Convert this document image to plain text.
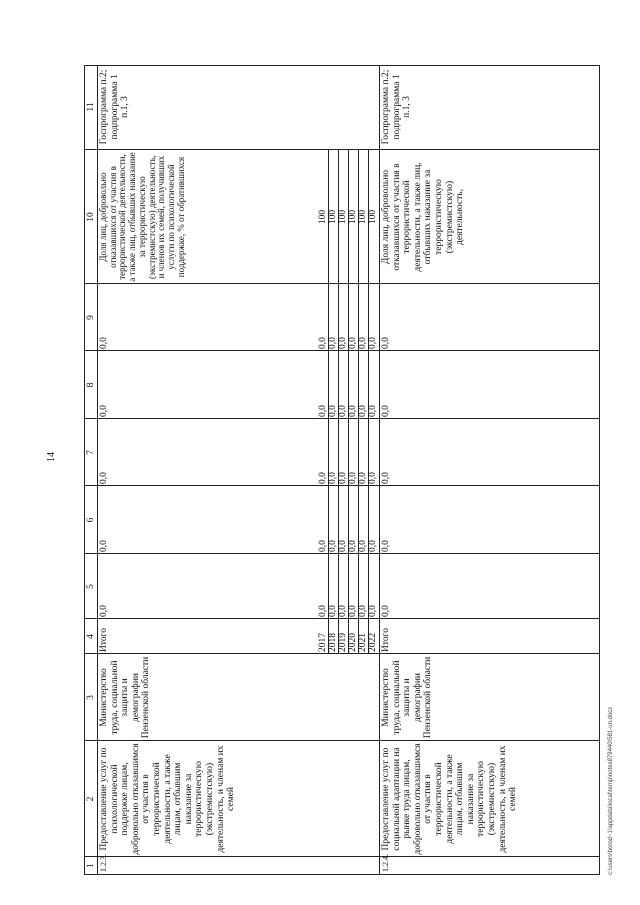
14
1
2
3
4
5
6
7
8
9
10
11
1.2.3.
Предоставление услуг по психологической поддержке лицам, добровольно отказавшимся от участия в террористической деятельности, а также лицам, отбывшим наказание за террористическую (экстремистскую) деятельность, и членам их семей
Министерство труда, социальной защиты и демографии Пензенской области
Итого
0,0
0,0
0,0
0,0
0,0
Доля лиц, добровольно отказавшихся от участия в террористической деятельности, а также лиц, отбывших наказание за террористическую (экстремистскую) деятельность, и членов их семей, получивших услуги по психологической поддержке, % от обратившихся
Госпрограмма п.2; подпрограмма 1 п.1, 3
2017 2018 2019 2020 2021 2022
0,0 0,0 0,0 0,0 0,0 0,0
0,0 0,0 0,0 0,0 0,0 0,0
0,0 0,0 0,0 0,0 0,0 0,0
0,0 0,0 0,0 0,0 0,0 0,0
0,0 0,0 0,0 0,0 0,0 0,0
100 100 100 100 100 100
1.2.4.
Предоставление услуг по социальной адаптации на рынке труда лицам, добровольно отказавшимся от участия в террористической деятельности, а также лицам, отбывшим наказание за террористическую (экстремистскую) деятельность, и членам их семей
Министерство труда, социальной защиты и демографии Пензенской области
Итого
0,0
0,0
0,0
0,0
0,0
Доля лиц, добровольно отказавшихся от участия в террористической деятельности, а также лиц, отбывших наказание за террористическую (экстремистскую) деятельность,
Госпрограмма п.2; подпрограмма 1 п.1, 3
c:\users\borod~1\appdata\local\temp\notes879440\581-un.docx
